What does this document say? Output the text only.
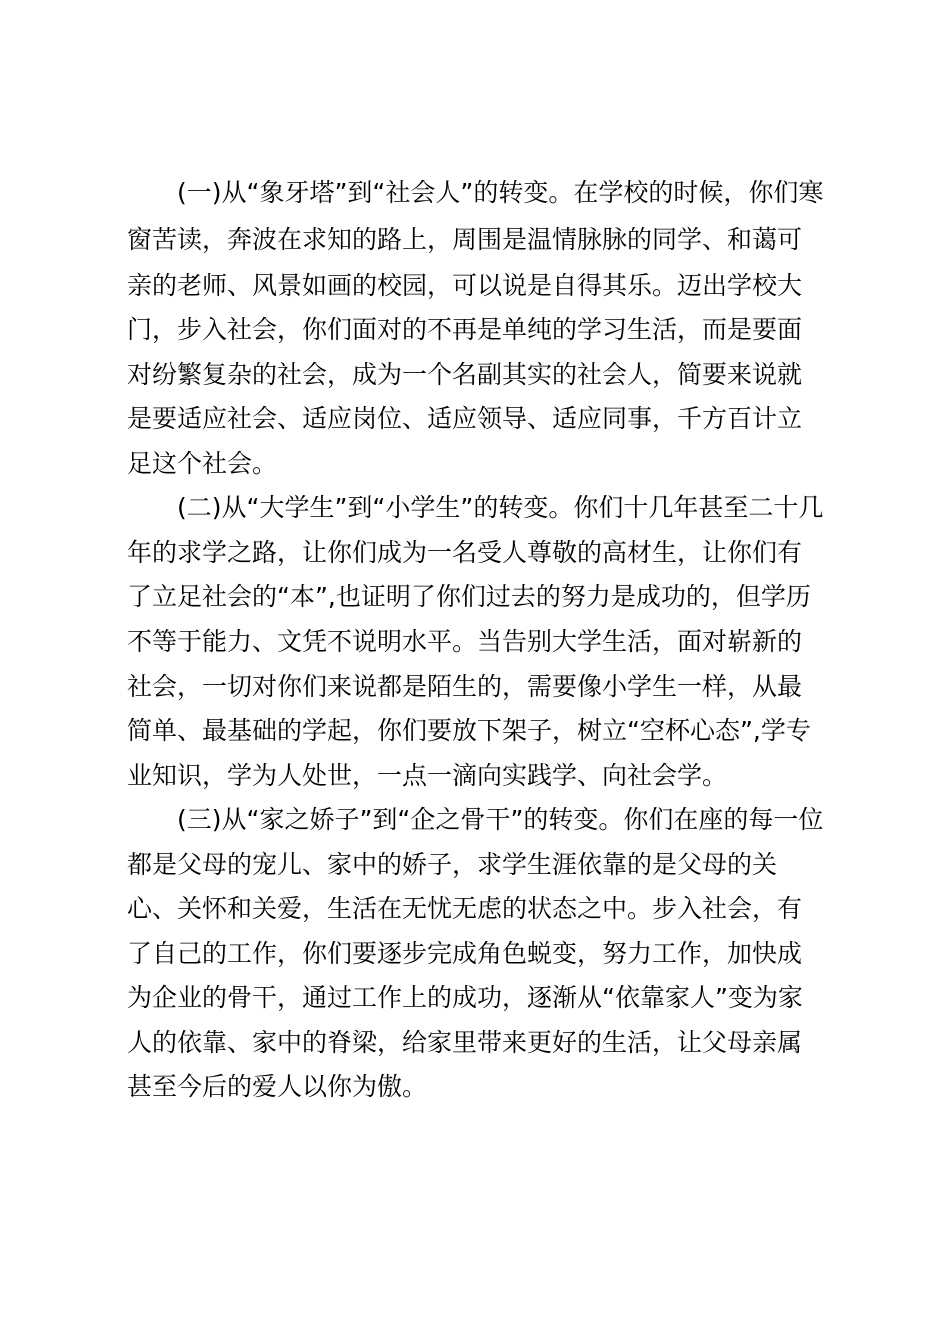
　　(一)从“象牙塔”到“社会人”的转变。在学校的时候，你们寒
窗苦读，奔波在求知的路上，周围是温情脉脉的同学、和蔼可
亲的老师、风景如画的校园，可以说是自得其乐。迈出学校大
门，步入社会，你们面对的不再是单纯的学习生活，而是要面
对纷繁复杂的社会，成为一个名副其实的社会人，简要来说就
是要适应社会、适应岗位、适应领导、适应同事，千方百计立
足这个社会。
　　(二)从“大学生”到“小学生”的转变。你们十几年甚至二十几
年的求学之路，让你们成为一名受人尊敬的高材生，让你们有
了立足社会的“本”,也证明了你们过去的努力是成功的，但学历
不等于能力、文凭不说明水平。当告别大学生活，面对崭新的
社会，一切对你们来说都是陌生的，需要像小学生一样，从最
简单、最基础的学起，你们要放下架子，树立“空杯心态”,学专
业知识，学为人处世，一点一滴向实践学、向社会学。
　　(三)从“家之娇子”到“企之骨干”的转变。你们在座的每一位
都是父母的宠儿、家中的娇子，求学生涯依靠的是父母的关
心、关怀和关爱，生活在无忧无虑的状态之中。步入社会，有
了自己的工作，你们要逐步完成角色蜕变，努力工作，加快成
为企业的骨干，通过工作上的成功，逐渐从“依靠家人”变为家
人的依靠、家中的脊梁，给家里带来更好的生活，让父母亲属
甚至今后的爱人以你为傲。
